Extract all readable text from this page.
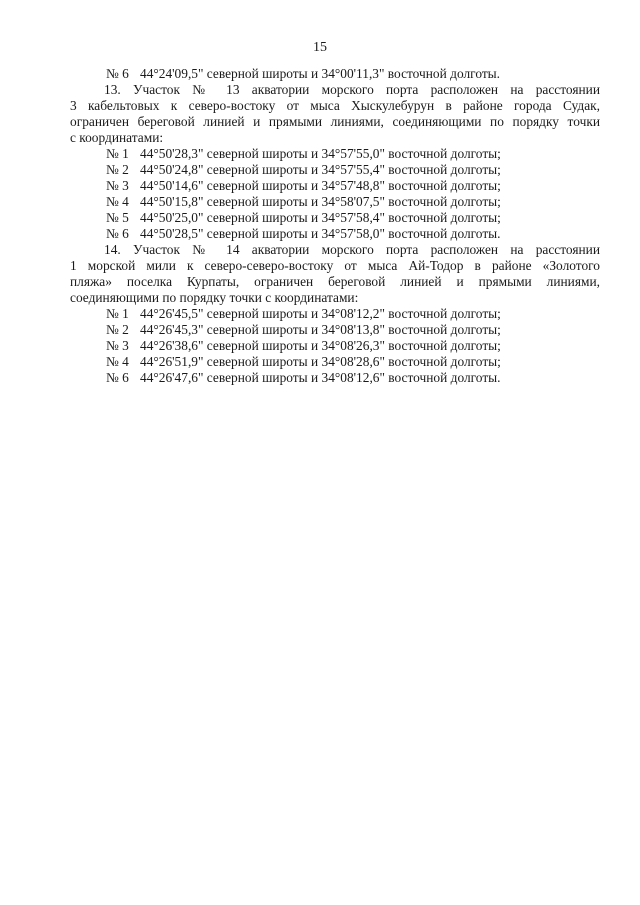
15
№ 6 44°24'09,5" северной широты и 34°00'11,3" восточной долготы.
13. Участок № 13 акватории морского порта расположен на расстоянии
3 кабельтовых к северо-востоку от мыса Хыскулебурун в районе города Судак,
ограничен береговой линией и прямыми линиями, соединяющими по порядку точки
с координатами:
№ 1 44°50'28,3" северной широты и 34°57'55,0" восточной долготы;
№ 2 44°50'24,8" северной широты и 34°57'55,4" восточной долготы;
№ 3 44°50'14,6" северной широты и 34°57'48,8" восточной долготы;
№ 4 44°50'15,8" северной широты и 34°58'07,5" восточной долготы;
№ 5 44°50'25,0" северной широты и 34°57'58,4" восточной долготы;
№ 6 44°50'28,5" северной широты и 34°57'58,0" восточной долготы.
14. Участок № 14 акватории морского порта расположен на расстоянии
1 морской мили к северо-северо-востоку от мыса Ай-Тодор в районе «Золотого
пляжа» поселка Курпаты, ограничен береговой линией и прямыми линиями,
соединяющими по порядку точки с координатами:
№ 1 44°26'45,5" северной широты и 34°08'12,2" восточной долготы;
№ 2 44°26'45,3" северной широты и 34°08'13,8" восточной долготы;
№ 3 44°26'38,6" северной широты и 34°08'26,3" восточной долготы;
№ 4 44°26'51,9" северной широты и 34°08'28,6" восточной долготы;
№ 6 44°26'47,6" северной широты и 34°08'12,6" восточной долготы.
